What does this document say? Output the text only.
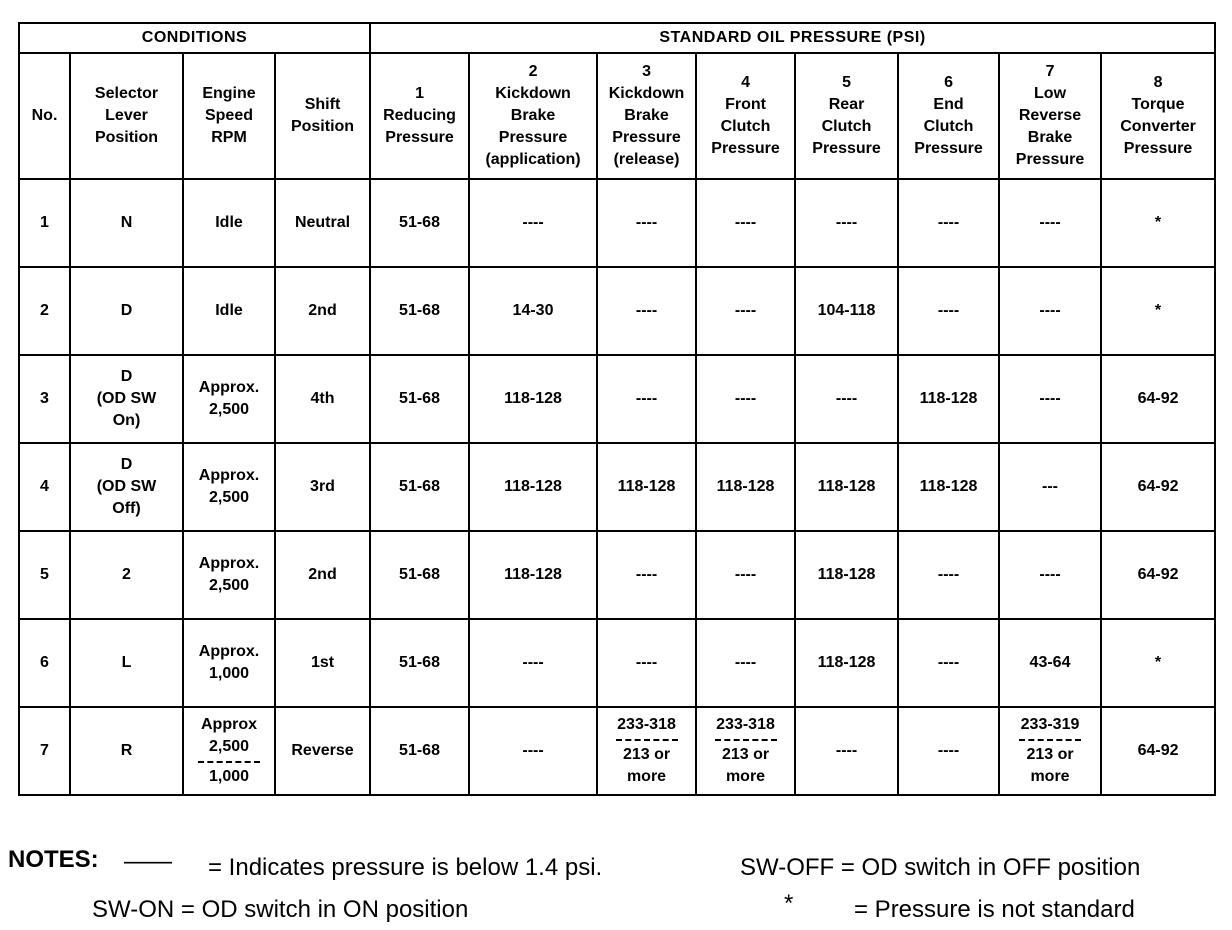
CONDITIONS				STANDARD OIL PRESSURE (PSI)							

No.	Selector
Lever
Position	Engine
Speed
RPM	Shift
Position	1
Reducing
Pressure	2
Kickdown
Brake
Pressure
(application)	3
Kickdown
Brake
Pressure
(release)	4
Front
Clutch
Pressure	5
Rear
Clutch
Pressure	6
End
Clutch
Pressure	7
Low
Reverse
Brake
Pressure	8
Torque
Converter
Pressure

1	N	Idle	Neutral	51-68	----	----	----	----	----	----	*
2	D	Idle	2nd	51-68	14-30	----	----	104-118	----	----	*
3	D
(OD SW
On)	Approx.
2,500	4th	51-68	118-128	----	----	----	118-128	----	64-92
4	D
(OD SW
Off)	Approx.
2,500	3rd	51-68	118-128	118-128	118-128	118-128	118-128	---	64-92
5	2	Approx.
2,500	2nd	51-68	118-128	----	----	118-128	----	----	64-92
6	L	Approx.
1,000	1st	51-68	----	----	----	118-128	----	43-64	*
7	R	Approx
2,500
1,000	Reverse	51-68	----	233-318
213 or
more	233-318
213 or
more	----	----	233-319
213 or
more	64-92
NOTES: —— = Indicates pressure is below 1.4 psi.	SW-OFF = OD switch in OFF position
SW-ON = OD switch in ON position	*	= Pressure is not standard
